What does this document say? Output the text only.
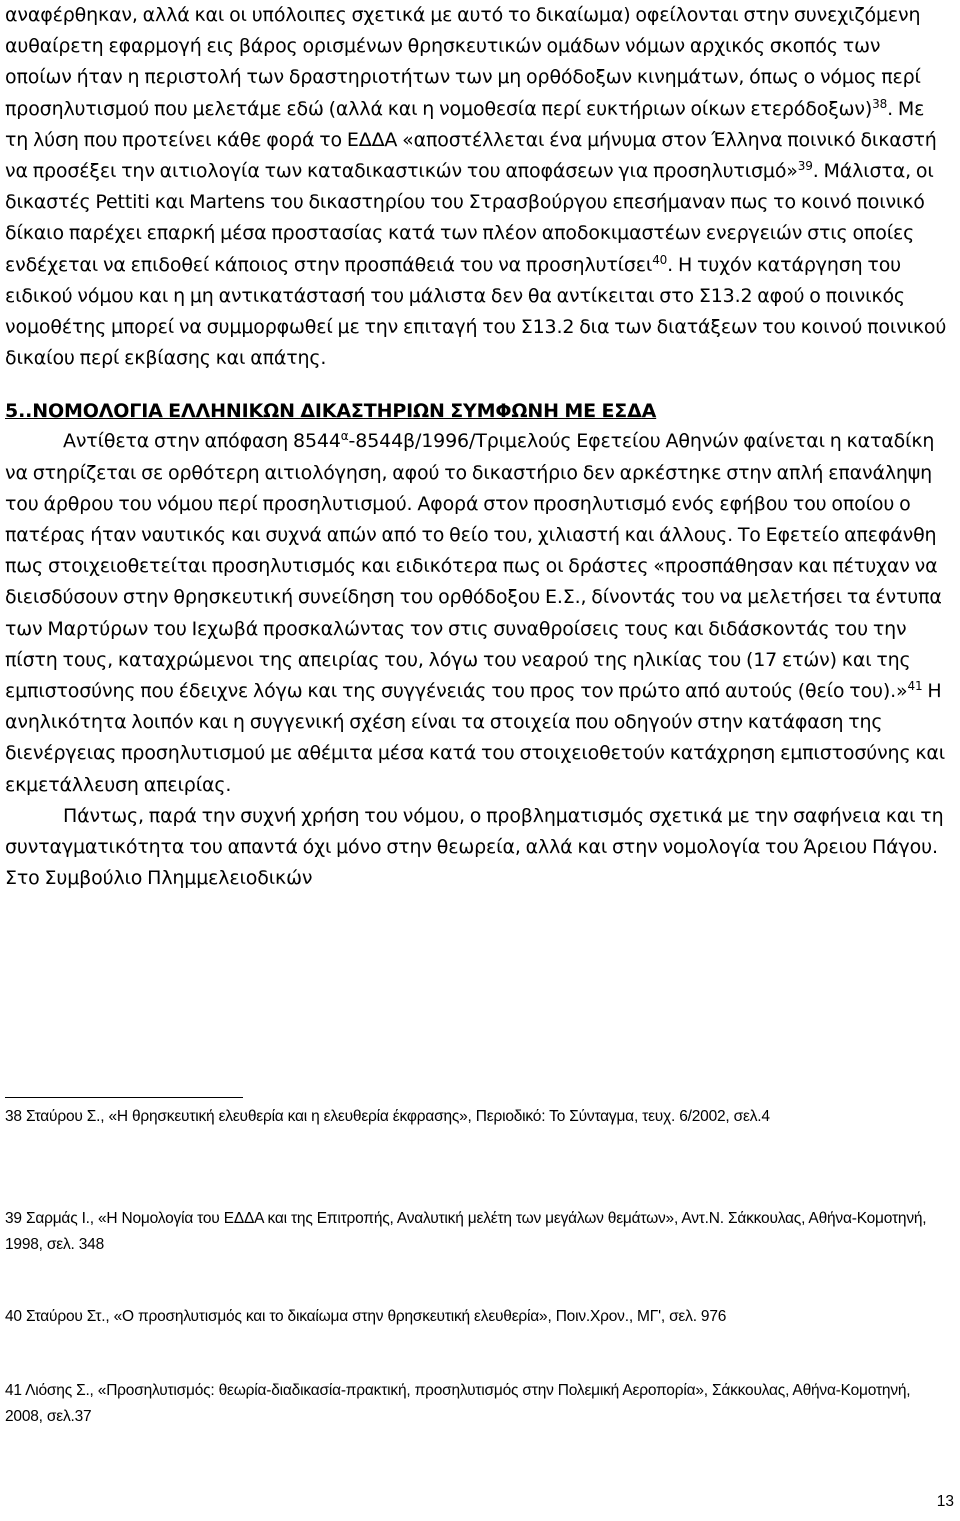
αναφέρθηκαν, αλλά και οι υπόλοιπες σχετικά με αυτό το δικαίωμα) οφείλονται στην συνεχιζόμενη αυθαίρετη εφαρμογή εις βάρος ορισμένων θρησκευτικών ομάδων νόμων αρχικός σκοπός των οποίων ήταν η περιστολή των δραστηριοτήτων των μη ορθόδοξων κινημάτων, όπως ο νόμος περί προσηλυτισμού που μελετάμε εδώ (αλλά και η νομοθεσία περί ευκτήριων οίκων ετερόδοξων)$^{38}$. Με τη λύση που προτείνει κάθε φορά το ΕΔΔΑ «αποστέλλεται ένα μήνυμα στον Έλληνα ποινικό δικαστή να προσέξει την αιτιολογία των καταδικαστικών του αποφάσεων για προσηλυτισμό»$^{39}$. Μάλιστα, οι δικαστές Pettiti και Martens του δικαστηρίου του Στρασβούργου επεσήμαναν πως το κοινό ποινικό δίκαιο παρέχει επαρκή μέσα προστασίας κατά των πλέον αποδοκιμαστέων ενεργειών στις οποίες ενδέχεται να επιδοθεί κάποιος στην προσπάθειά του να προσηλυτίσει$^{40}$. Η τυχόν κατάργηση του ειδικού νόμου και η μη αντικατάστασή του μάλιστα δεν θα αντίκειται στο Σ13.2 αφού ο ποινικός νομοθέτης μπορεί να συμμορφωθεί με την επιταγή του Σ13.2 δια των διατάξεων του κοινού ποινικού δικαίου περί εκβίασης και απάτης.

5..ΝΟΜΟΛΟΓΙΑ ΕΛΛΗΝΙΚΩΝ ΔΙΚΑΣΤΗΡΙΩΝ ΣΥΜΦΩΝΗ ΜΕ ΕΣΔΑ

Αντίθετα στην απόφαση 8544$^\alpha$-8544β/1996/Τριμελούς Εφετείου Αθηνών φαίνεται η καταδίκη να στηρίζεται σε ορθότερη αιτιολόγηση, αφού το δικαστήριο δεν αρκέστηκε στην απλή επανάληψη του άρθρου του νόμου περί προσηλυτισμού. Αφορά στον προσηλυτισμό ενός εφήβου του οποίου ο πατέρας ήταν ναυτικός και συχνά απών από το θείο του, χιλιαστή και άλλους. Το Εφετείο απεφάνθη πως στοιχειοθετείται προσηλυτισμός και ειδικότερα πως οι δράστες «προσπάθησαν και πέτυχαν να διεισδύσουν στην θρησκευτική συνείδηση του ορθόδοξου Ε.Σ., δίνοντάς του να μελετήσει τα έντυπα των Μαρτύρων του Ιεχωβά προσκαλώντας τον στις συναθροίσεις τους και διδάσκοντάς του την πίστη τους, καταχρώμενοι της απειρίας του, λόγω του νεαρού της ηλικίας του (17 ετών) και της εμπιστοσύνης που έδειχνε λόγω και της συγγένειάς του προς τον πρώτο από αυτούς (θείο του).»$^{41}$ Η ανηλικότητα λοιπόν και η συγγενική σχέση είναι τα στοιχεία που οδηγούν στην κατάφαση της διενέργειας προσηλυτισμού με αθέμιτα μέσα κατά του στοιχειοθετούν κατάχρηση εμπιστοσύνης και εκμετάλλευση απειρίας.

Πάντως, παρά την συχνή χρήση του νόμου, ο προβληματισμός σχετικά με την σαφήνεια και τη συνταγματικότητα του απαντά όχι μόνο στην θεωρεία, αλλά και στην νομολογία του Άρειου Πάγου. Στο Συμβούλιο Πλημμελειοδικών

38 Σταύρου Σ., «Η θρησκευτική ελευθερία και η ελευθερία έκφρασης», Περιοδικό: Το Σύνταγμα, τευχ. 6/2002, σελ.4
39 Σαρμάς Ι., «Η Νομολογία του ΕΔΔΑ και της Επιτροπής, Αναλυτική μελέτη των μεγάλων θεμάτων», Αντ.Ν. Σάκκουλας, Αθήνα-Κομοτηνή, 1998, σελ. 348
40 Σταύρου Στ., «Ο προσηλυτισμός και το δικαίωμα στην θρησκευτική ελευθερία», Ποιν.Χρον., ΜΓ', σελ. 976
41 Λιόσης Σ., «Προσηλυτισμός: θεωρία-διαδικασία-πρακτική, προσηλυτισμός στην Πολεμική Αεροπορία», Σάκκουλας, Αθήνα-Κομοτηνή, 2008, σελ.37
13
